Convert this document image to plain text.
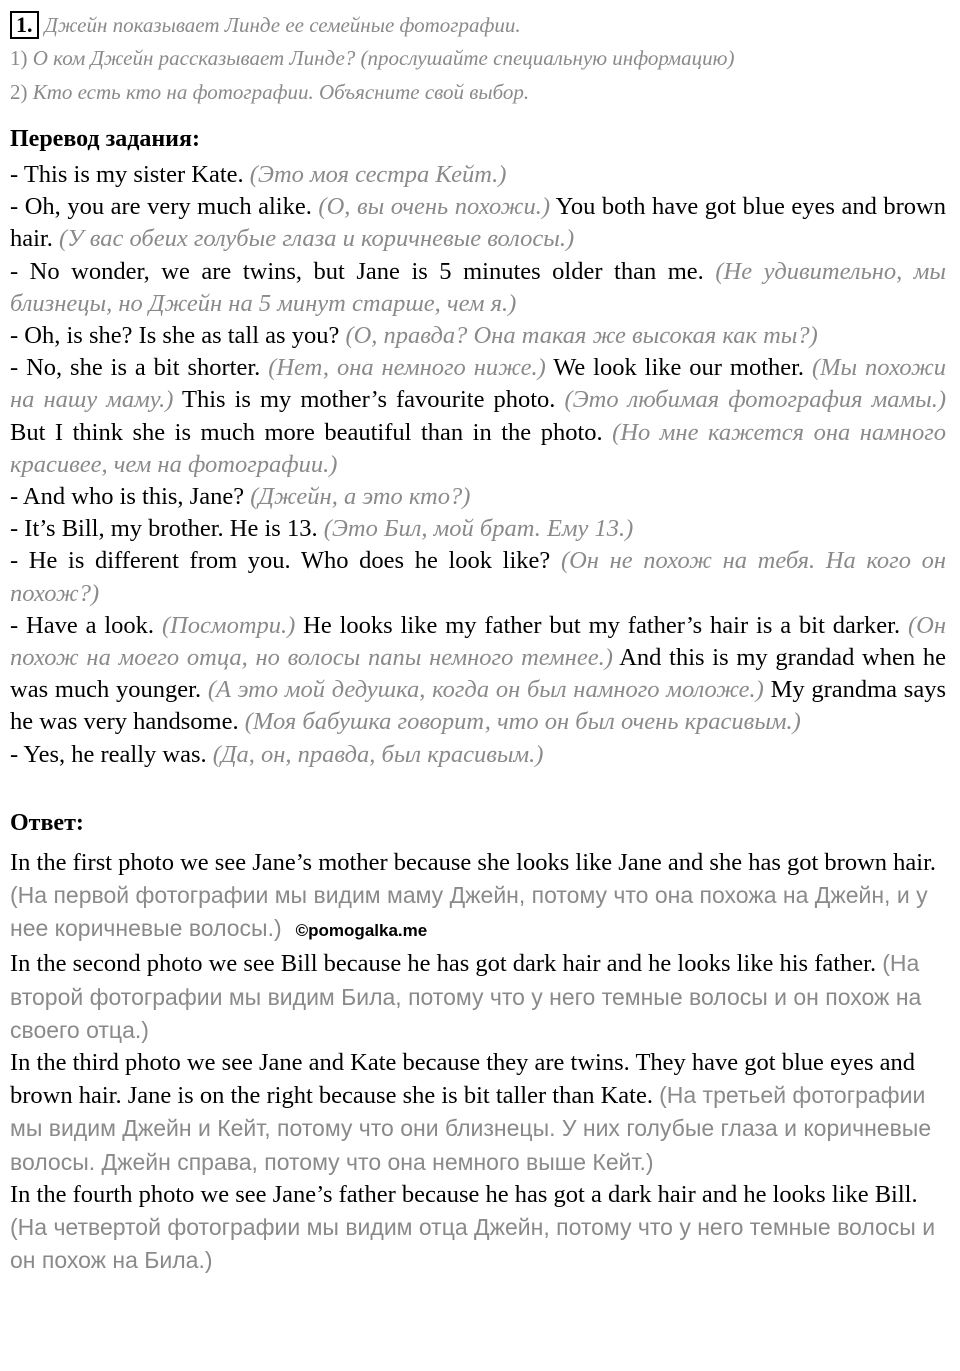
1. Джейн показывает Линде ее семейные фотографии.
1) О ком Джейн рассказывает Линде? (прослушайте специальную информацию)
2) Кто есть кто на фотографии. Объясните свой выбор.
Перевод задания:

- This is my sister Kate. (Это моя сестра Кейт.)

- Oh, you are very much alike. (О, вы очень похожи.) You both have got blue eyes and brown hair. (У вас обеих голубые глаза и коричневые волосы.)

- No wonder, we are twins, but Jane is 5 minutes older than me. (Не удивительно, мы близнецы, но Джейн на 5 минут старше, чем я.)

- Oh, is she? Is she as tall as you? (О, правда? Она такая же высокая как ты?)

- No, she is a bit shorter. (Нет, она немного ниже.) We look like our mother. (Мы похожи на нашу маму.) This is my mother’s favourite photo. (Это любимая фотография мамы.) But I think she is much more beautiful than in the photo. (Но мне кажется она намного красивее, чем на фотографии.)

- And who is this, Jane? (Джейн, а это кто?)

- It’s Bill, my brother. He is 13. (Это Бил, мой брат. Ему 13.)

- He is different from you. Who does he look like? (Он не похож на тебя. На кого он похож?)

- Have a look. (Посмотри.) He looks like my father but my father’s hair is a bit darker. (Он похож на моего отца, но волосы папы немного темнее.) And this is my grandad when he was much younger. (А это мой дедушка, когда он был намного моложе.) My grandma says he was very handsome. (Моя бабушка говорит, что он был очень красивым.)

- Yes, he really was. (Да, он, правда, был красивым.)

Ответ:

In the first photo we see Jane’s mother because she looks like Jane and she has got brown hair. (На первой фотографии мы видим маму Джейн, потому что она похожа на Джейн, и у нее коричневые волосы.) ©pomogalka.me

In the second photo we see Bill because he has got dark hair and he looks like his father. (На второй фотографии мы видим Била, потому что у него темные волосы и он похож на своего отца.)

In the third photo we see Jane and Kate because they are twins. They have got blue eyes and brown hair. Jane is on the right because she is bit taller than Kate. (На третьей фотографии мы видим Джейн и Кейт, потому что они близнецы. У них голубые глаза и коричневые волосы. Джейн справа, потому что она немного выше Кейт.)

In the fourth photo we see Jane’s father because he has got a dark hair and he looks like Bill. (На четвертой фотографии мы видим отца Джейн, потому что у него темные волосы и он похож на Била.)
